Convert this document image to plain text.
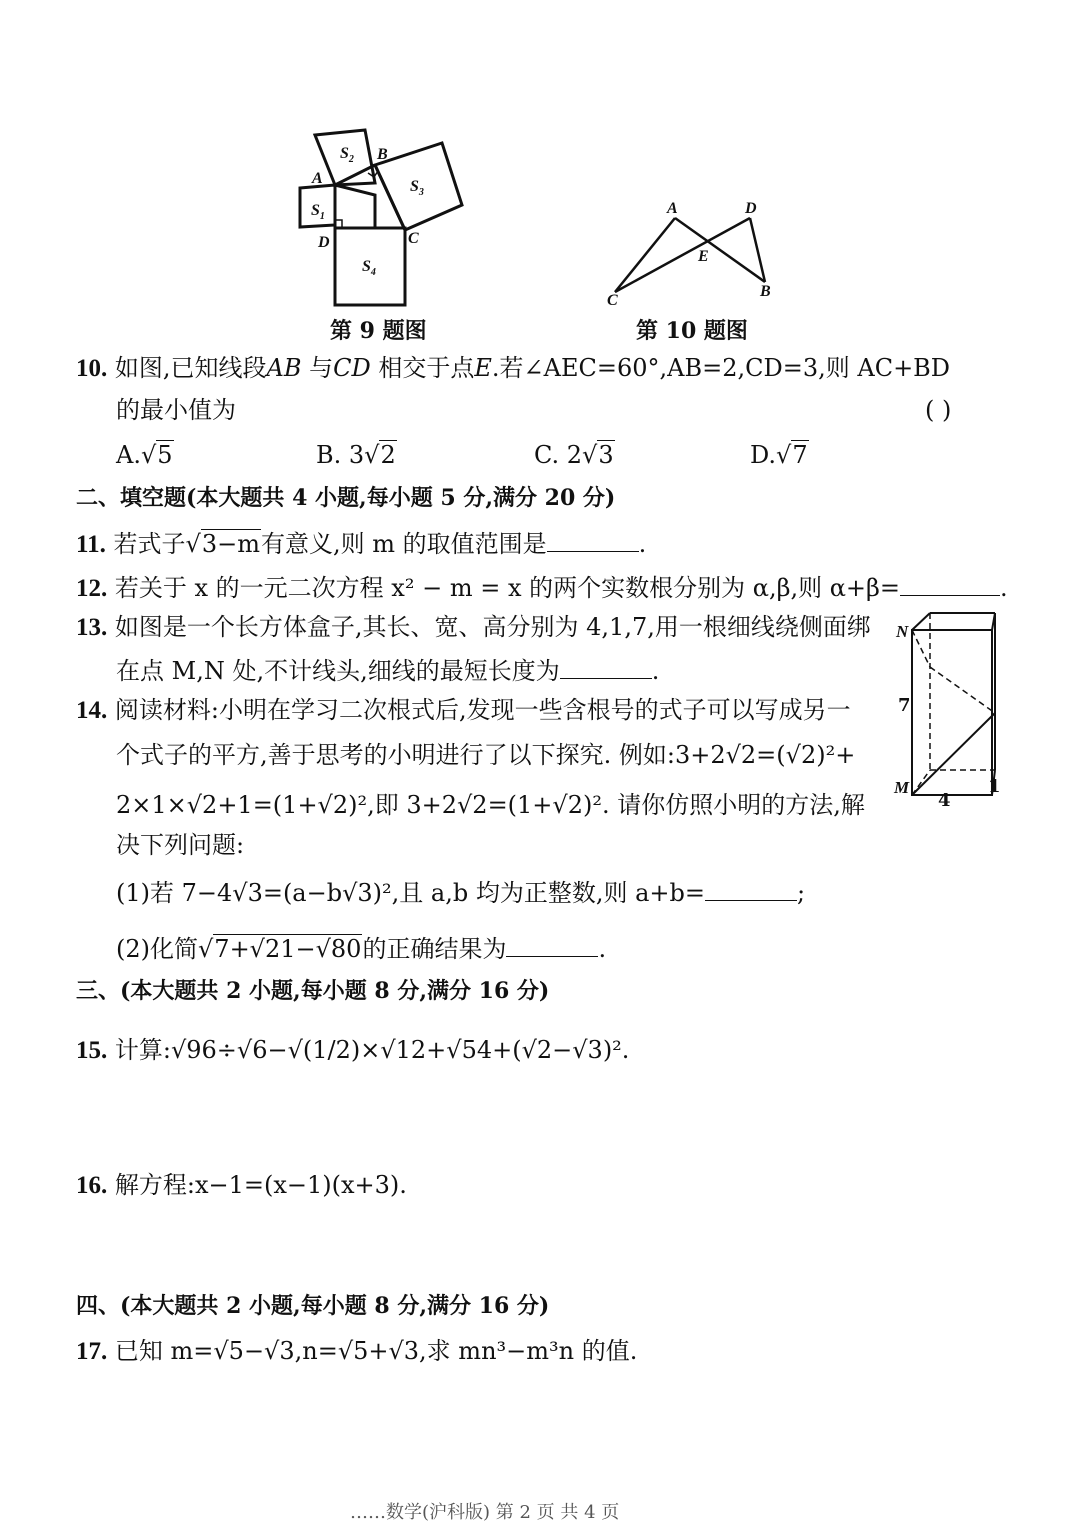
A
B
C
D
$S_1$
$S_2$
$S_3$
$S_4$
第 9 题图
A	D
E
C
B
第 10 题图
10. 如图,已知线段AB 与CD 相交于点E.若∠AEC=60°,AB=2,CD=3,则 AC+BD
的最小值为	( )
A.√5	B. 3√2	C. 2√3	D.√7
二、填空题(本大题共 4 小题,每小题 5 分,满分 20 分)
11. 若式子√3−m有意义,则 m 的取值范围是	.
12. 若关于 x 的一元二次方程 x² − m = x 的两个实数根分别为 α,β,则 α+β=	.
13. 如图是一个长方体盒子,其长、宽、高分别为 4,1,7,用一根细线绕侧面绑
在点 M,N 处,不计线头,细线的最短长度为	.
N
M
7
4
1
14. 阅读材料:小明在学习二次根式后,发现一些含根号的式子可以写成另一
个式子的平方,善于思考的小明进行了以下探究. 例如:3+2√2=(√2)²+
2×1×√2+1=(1+√2)²,即 3+2√2=(1+√2)². 请你仿照小明的方法,解
决下列问题:
(1)若 7−4√3=(a−b√3)²,且 a,b 均为正整数,则 a+b=	;
(2)化简√7+√21−√80的正确结果为	.
三、(本大题共 2 小题,每小题 8 分,满分 16 分)
15. 计算:√96÷√6−√(1/2)×√12+√54+(√2−√3)².
16. 解方程:x−1=(x−1)(x+3).
四、(本大题共 2 小题,每小题 8 分,满分 16 分)
17. 已知 m=√5−√3,n=√5+√3,求 mn³−m³n 的值.
……数学(沪科版) 第 2 页 共 4 页
